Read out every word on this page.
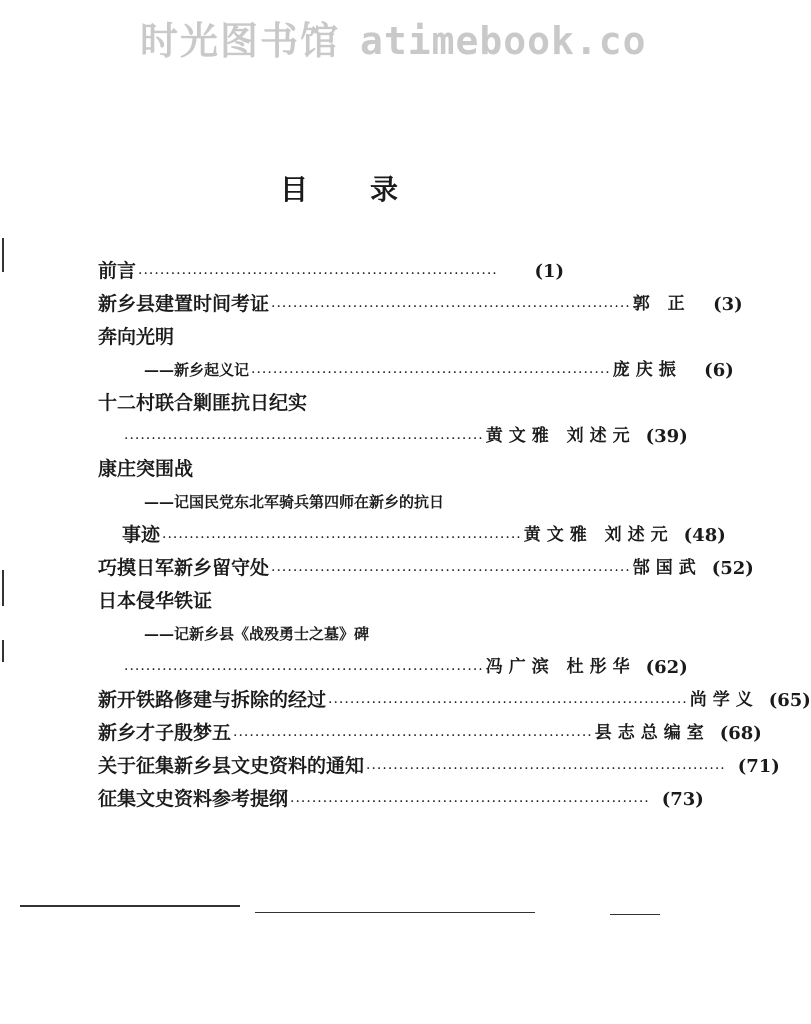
时光图书馆 atimebook.co
目 录
前言 ··································································	(1)
新乡县建置时间考证 ·································································· 郭 正	(3)
奔向光明
——新乡起义记 ·································································· 庞庆振	(6)
十二村联合剿匪抗日纪实
·································································· 黄文雅 刘述元 (39)
康庄突围战
——记国民党东北军骑兵第四师在新乡的抗日
事迹 ·································································· 黄文雅 刘述元 (48)
巧摸日军新乡留守处 ·································································· 郜国武 (52)
日本侵华铁证
——记新乡县《战殁勇士之墓》碑
·································································· 冯广滨 杜彤华 (62)
新开铁路修建与拆除的经过 ·································································· 尚学义 (65)
新乡才子殷梦五 ·································································· 县志总编室 (68)
关于征集新乡县文史资料的通知 ·································································· (71)
征集文史资料参考提纲 ·································································· (73)
